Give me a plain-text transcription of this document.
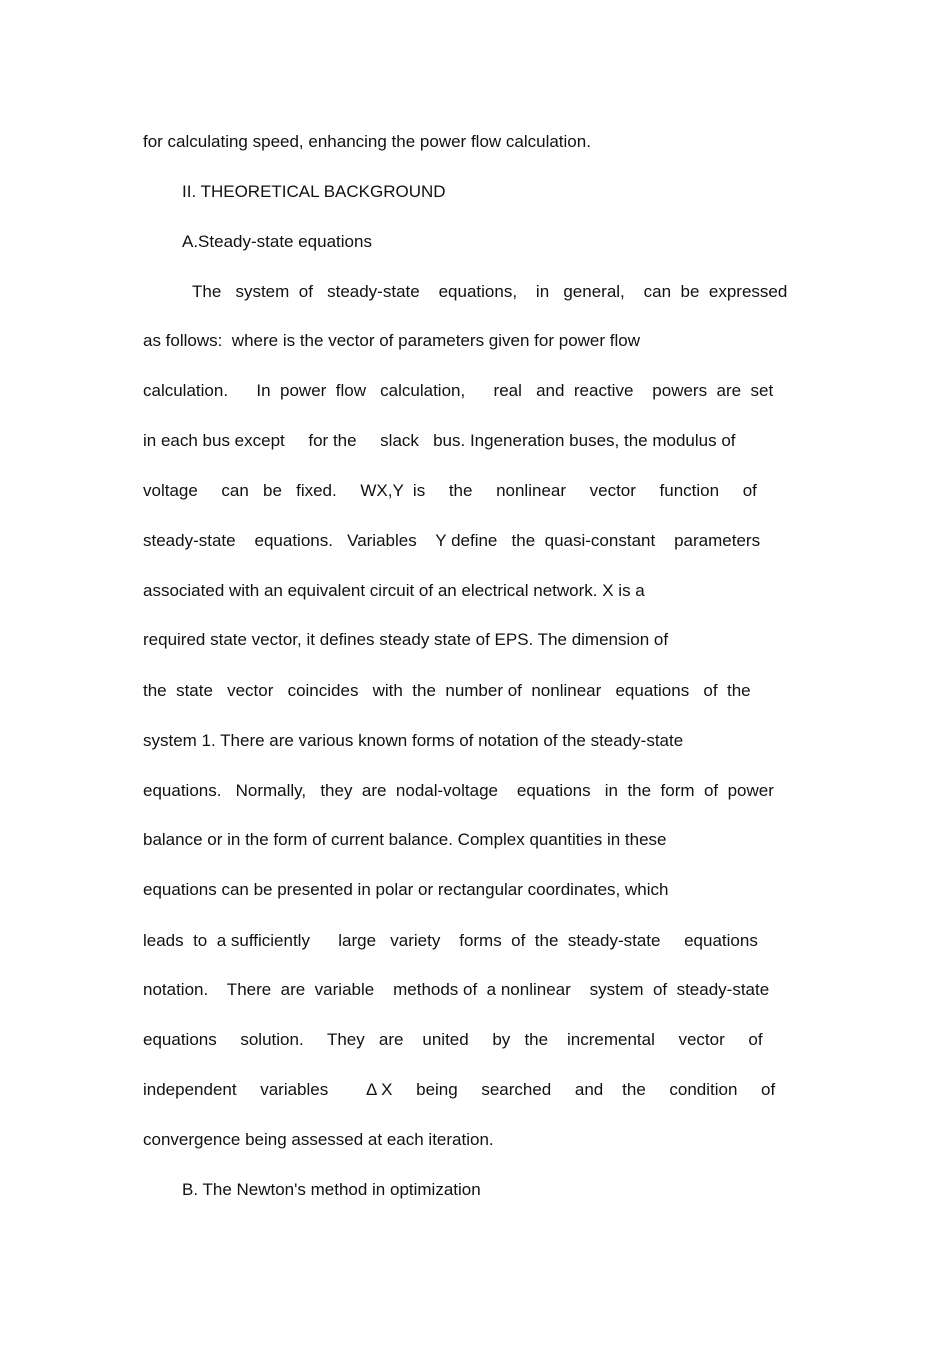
for calculating speed, enhancing the power flow calculation.
II. THEORETICAL BACKGROUND
A.Steady-state equations
The   system  of   steady-state    equations,    in   general,    can  be  expressed
as follows:  where is the vector of parameters given for power flow
calculation.      In  power  flow   calculation,      real   and  reactive    powers  are  set
in each bus except     for the     slack   bus. Ingeneration buses, the modulus of
voltage     can   be   fixed.     WX,Y  is     the     nonlinear     vector     function     of
steady-state    equations.   Variables    Y define   the  quasi-constant    parameters
associated with an equivalent circuit of an electrical network. X is a
required state vector, it defines steady state of EPS. The dimension of
the  state   vector   coincides   with  the  number of  nonlinear   equations   of  the
system 1. There are various known forms of notation of the steady-state
equations.   Normally,   they  are  nodal-voltage    equations   in  the  form  of  power
balance or in the form of current balance. Complex quantities in these
equations can be presented in polar or rectangular coordinates, which
leads  to  a sufficiently      large   variety    forms  of  the  steady-state     equations
notation.    There  are  variable    methods of  a nonlinear    system  of  steady-state
equations     solution.     They   are    united     by   the    incremental     vector     of
independent     variables        Δ X     being     searched     and    the     condition     of
convergence being assessed at each iteration.
B. The Newton's method in optimization
